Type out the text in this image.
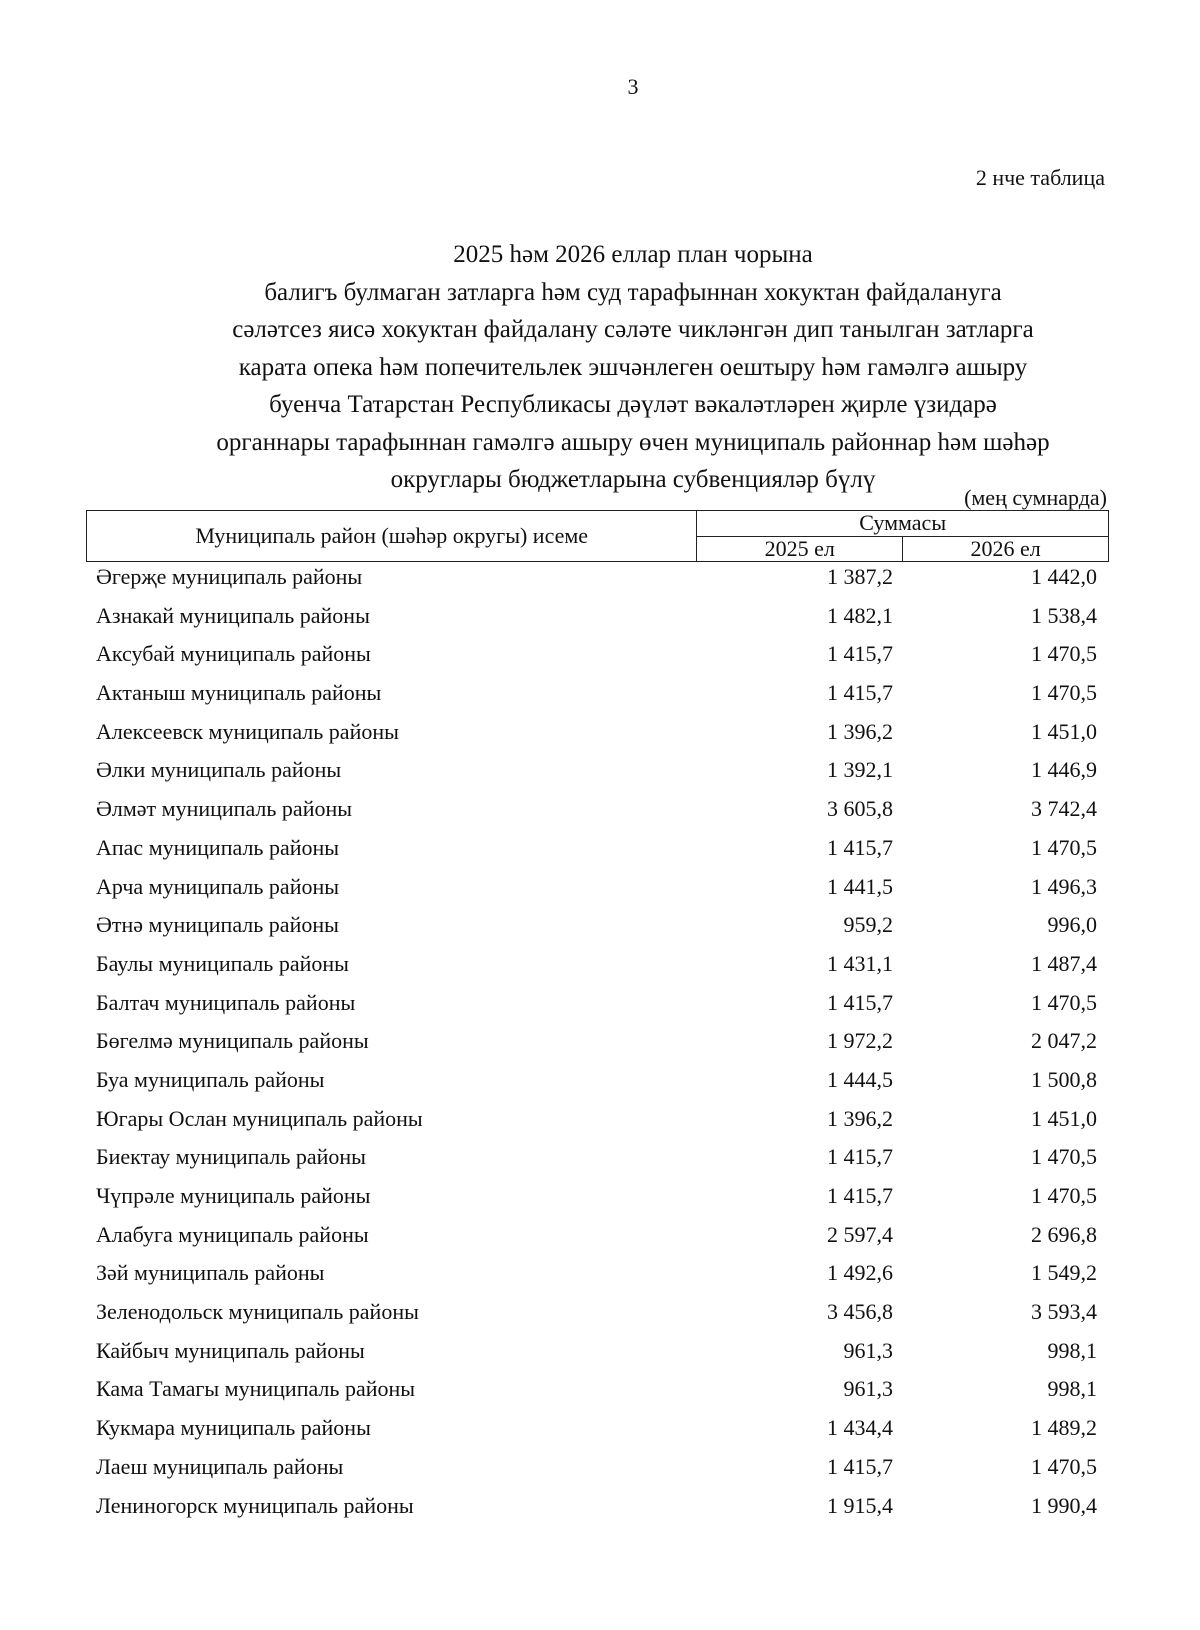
3
2 нче таблица
2025 һәм 2026 еллар план чорына
балигъ булмаган затларга һәм суд тарафыннан хокуктан файдалануга
сәләтсез яисә хокуктан файдалану сәләте чикләнгән дип танылган затларга
карата опека һәм попечительлек эшчәнлеген оештыру һәм гамәлгә ашыру
буенча Татарстан Республикасы дәүләт вәкаләтләрен җирле үзидарә
органнары тарафыннан гамәлгә ашыру өчен муниципаль районнар һәм шәһәр
округлары бюджетларына субвенцияләр бүлү
(мең сумнарда)
Муниципаль район (шәһәр округы) исеме	Суммасы	
	2025 ел	2026 ел
Әгерҗе муниципаль районы	1 387,2	1 442,0
Азнакай муниципаль районы	1 482,1	1 538,4
Аксубай муниципаль районы	1 415,7	1 470,5
Актаныш муниципаль районы	1 415,7	1 470,5
Алексеевск муниципаль районы	1 396,2	1 451,0
Әлки муниципаль районы	1 392,1	1 446,9
Әлмәт муниципаль районы	3 605,8	3 742,4
Апас муниципаль районы	1 415,7	1 470,5
Арча муниципаль районы	1 441,5	1 496,3
Әтнә муниципаль районы	959,2	996,0
Баулы муниципаль районы	1 431,1	1 487,4
Балтач муниципаль районы	1 415,7	1 470,5
Бөгелмә муниципаль районы	1 972,2	2 047,2
Буа муниципаль районы	1 444,5	1 500,8
Югары Ослан муниципаль районы	1 396,2	1 451,0
Биектау муниципаль районы	1 415,7	1 470,5
Чүпрәле муниципаль районы	1 415,7	1 470,5
Алабуга муниципаль районы	2 597,4	2 696,8
Зәй муниципаль районы	1 492,6	1 549,2
Зеленодольск муниципаль районы	3 456,8	3 593,4
Кайбыч муниципаль районы	961,3	998,1
Кама Тамагы муниципаль районы	961,3	998,1
Кукмара муниципаль районы	1 434,4	1 489,2
Лаеш муниципаль районы	1 415,7	1 470,5
Лениногорск муниципаль районы	1 915,4	1 990,4
